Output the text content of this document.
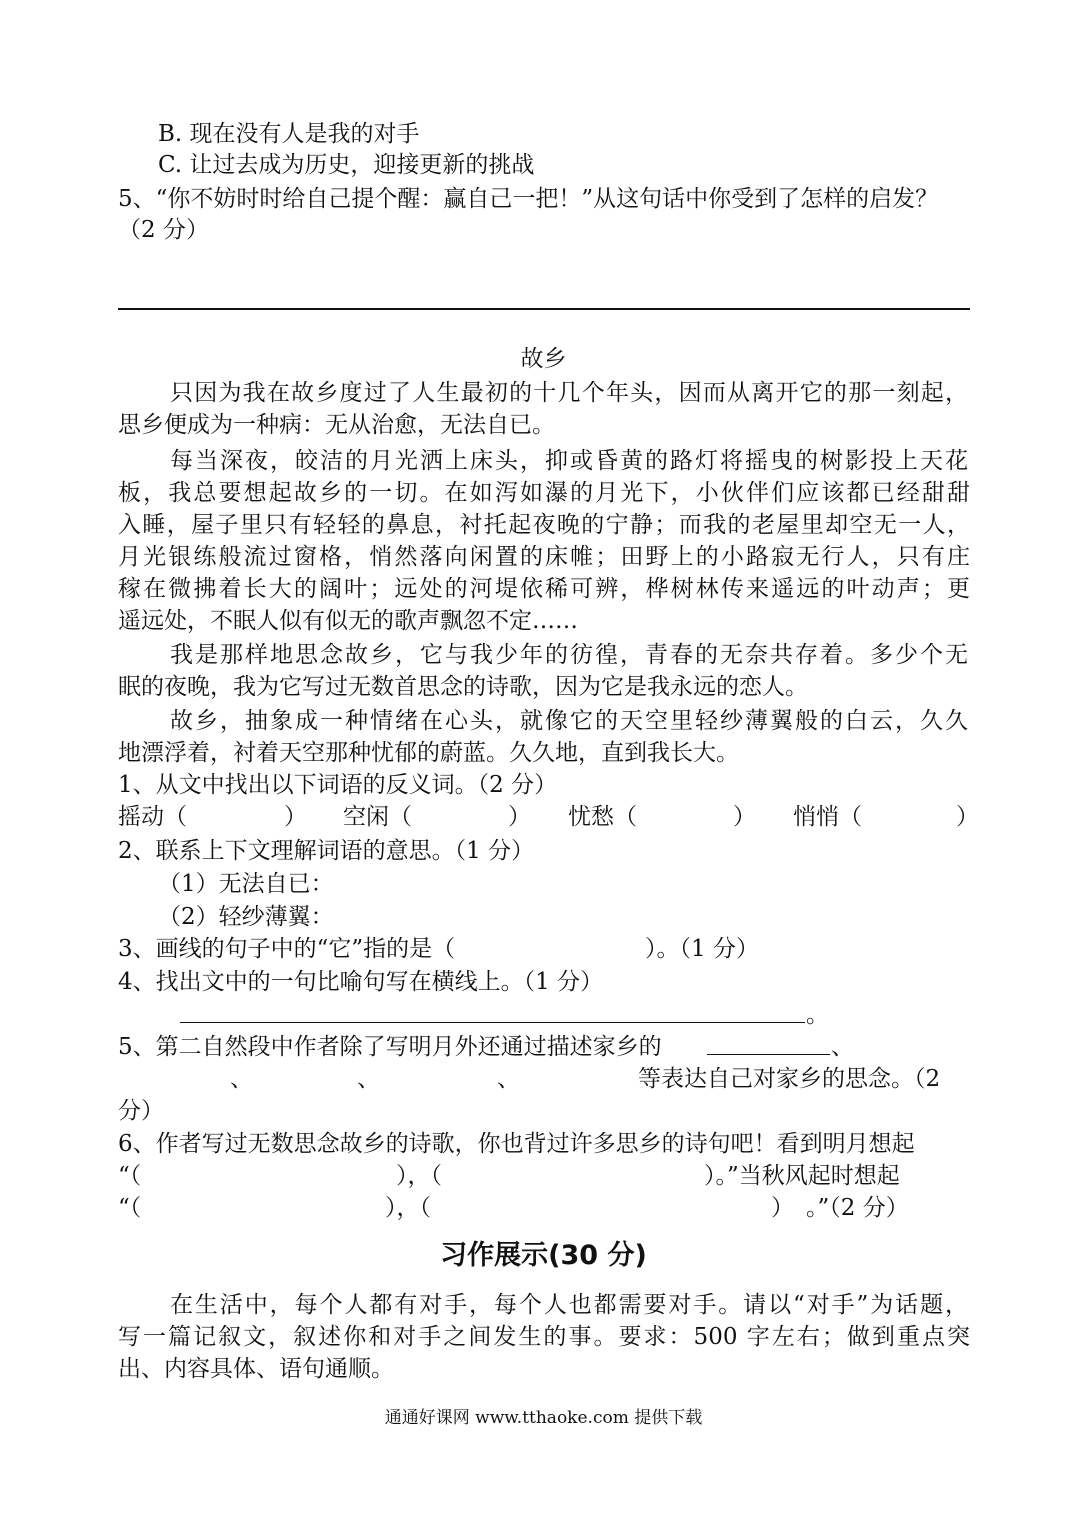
B. 现在没有人是我的对手
C. 让过去成为历史，迎接更新的挑战
5、“你不妨时时给自己提个醒：赢自己一把！”从这句话中你受到了怎样的启发？
（2 分）
故乡
只因为我在故乡度过了人生最初的十几个年头，因而从离开它的那一刻起，
思乡便成为一种病：无从治愈，无法自已。
每当深夜，皎洁的月光洒上床头，抑或昏黄的路灯将摇曳的树影投上天花
板，我总要想起故乡的一切。在如泻如瀑的月光下，小伙伴们应该都已经甜甜
入睡，屋子里只有轻轻的鼻息，衬托起夜晚的宁静；而我的老屋里却空无一人，
月光银练般流过窗格，悄然落向闲置的床帷；田野上的小路寂无行人，只有庄
稼在微拂着长大的阔叶；远处的河堤依稀可辨，桦树林传来遥远的叶动声；更
遥远处，不眠人似有似无的歌声飘忽不定……
我是那样地思念故乡，它与我少年的彷徨，青春的无奈共存着。多少个无
眠的夜晚，我为它写过无数首思念的诗歌，因为它是我永远的恋人。
故乡，抽象成一种情绪在心头，就像它的天空里轻纱薄翼般的白云，久久
地漂浮着，衬着天空那种忧郁的蔚蓝。久久地，直到我长大。
1、从文中找出以下词语的反义词。（2 分）
摇动（	） 空闲（	） 忧愁（	） 悄悄（	）
2、联系上下文理解词语的意思。（1 分）
（1）无法自已：
（2）轻纱薄翼：
3、画线的句子中的“它”指的是（	）。（1 分）
4、找出文中的一句比喻句写在横线上。（1 分）
。
5、第二自然段中作者除了写明月外还通过描述家乡的	、
、	、	、	等表达自己对家乡的思念。（2
分）
6、作者写过无数思念故乡的诗歌，你也背过许多思乡的诗句吧！看到明月想起
“（	），（	）。”当秋风起时想起
“（	），（	） 。”（2 分）
习作展示(30 分)
在生活中，每个人都有对手，每个人也都需要对手。请以“对手”为话题，
写一篇记叙文，叙述你和对手之间发生的事。要求：500 字左右；做到重点突
出、内容具体、语句通顺。
通通好课网 www.tthaoke.com 提供下载
